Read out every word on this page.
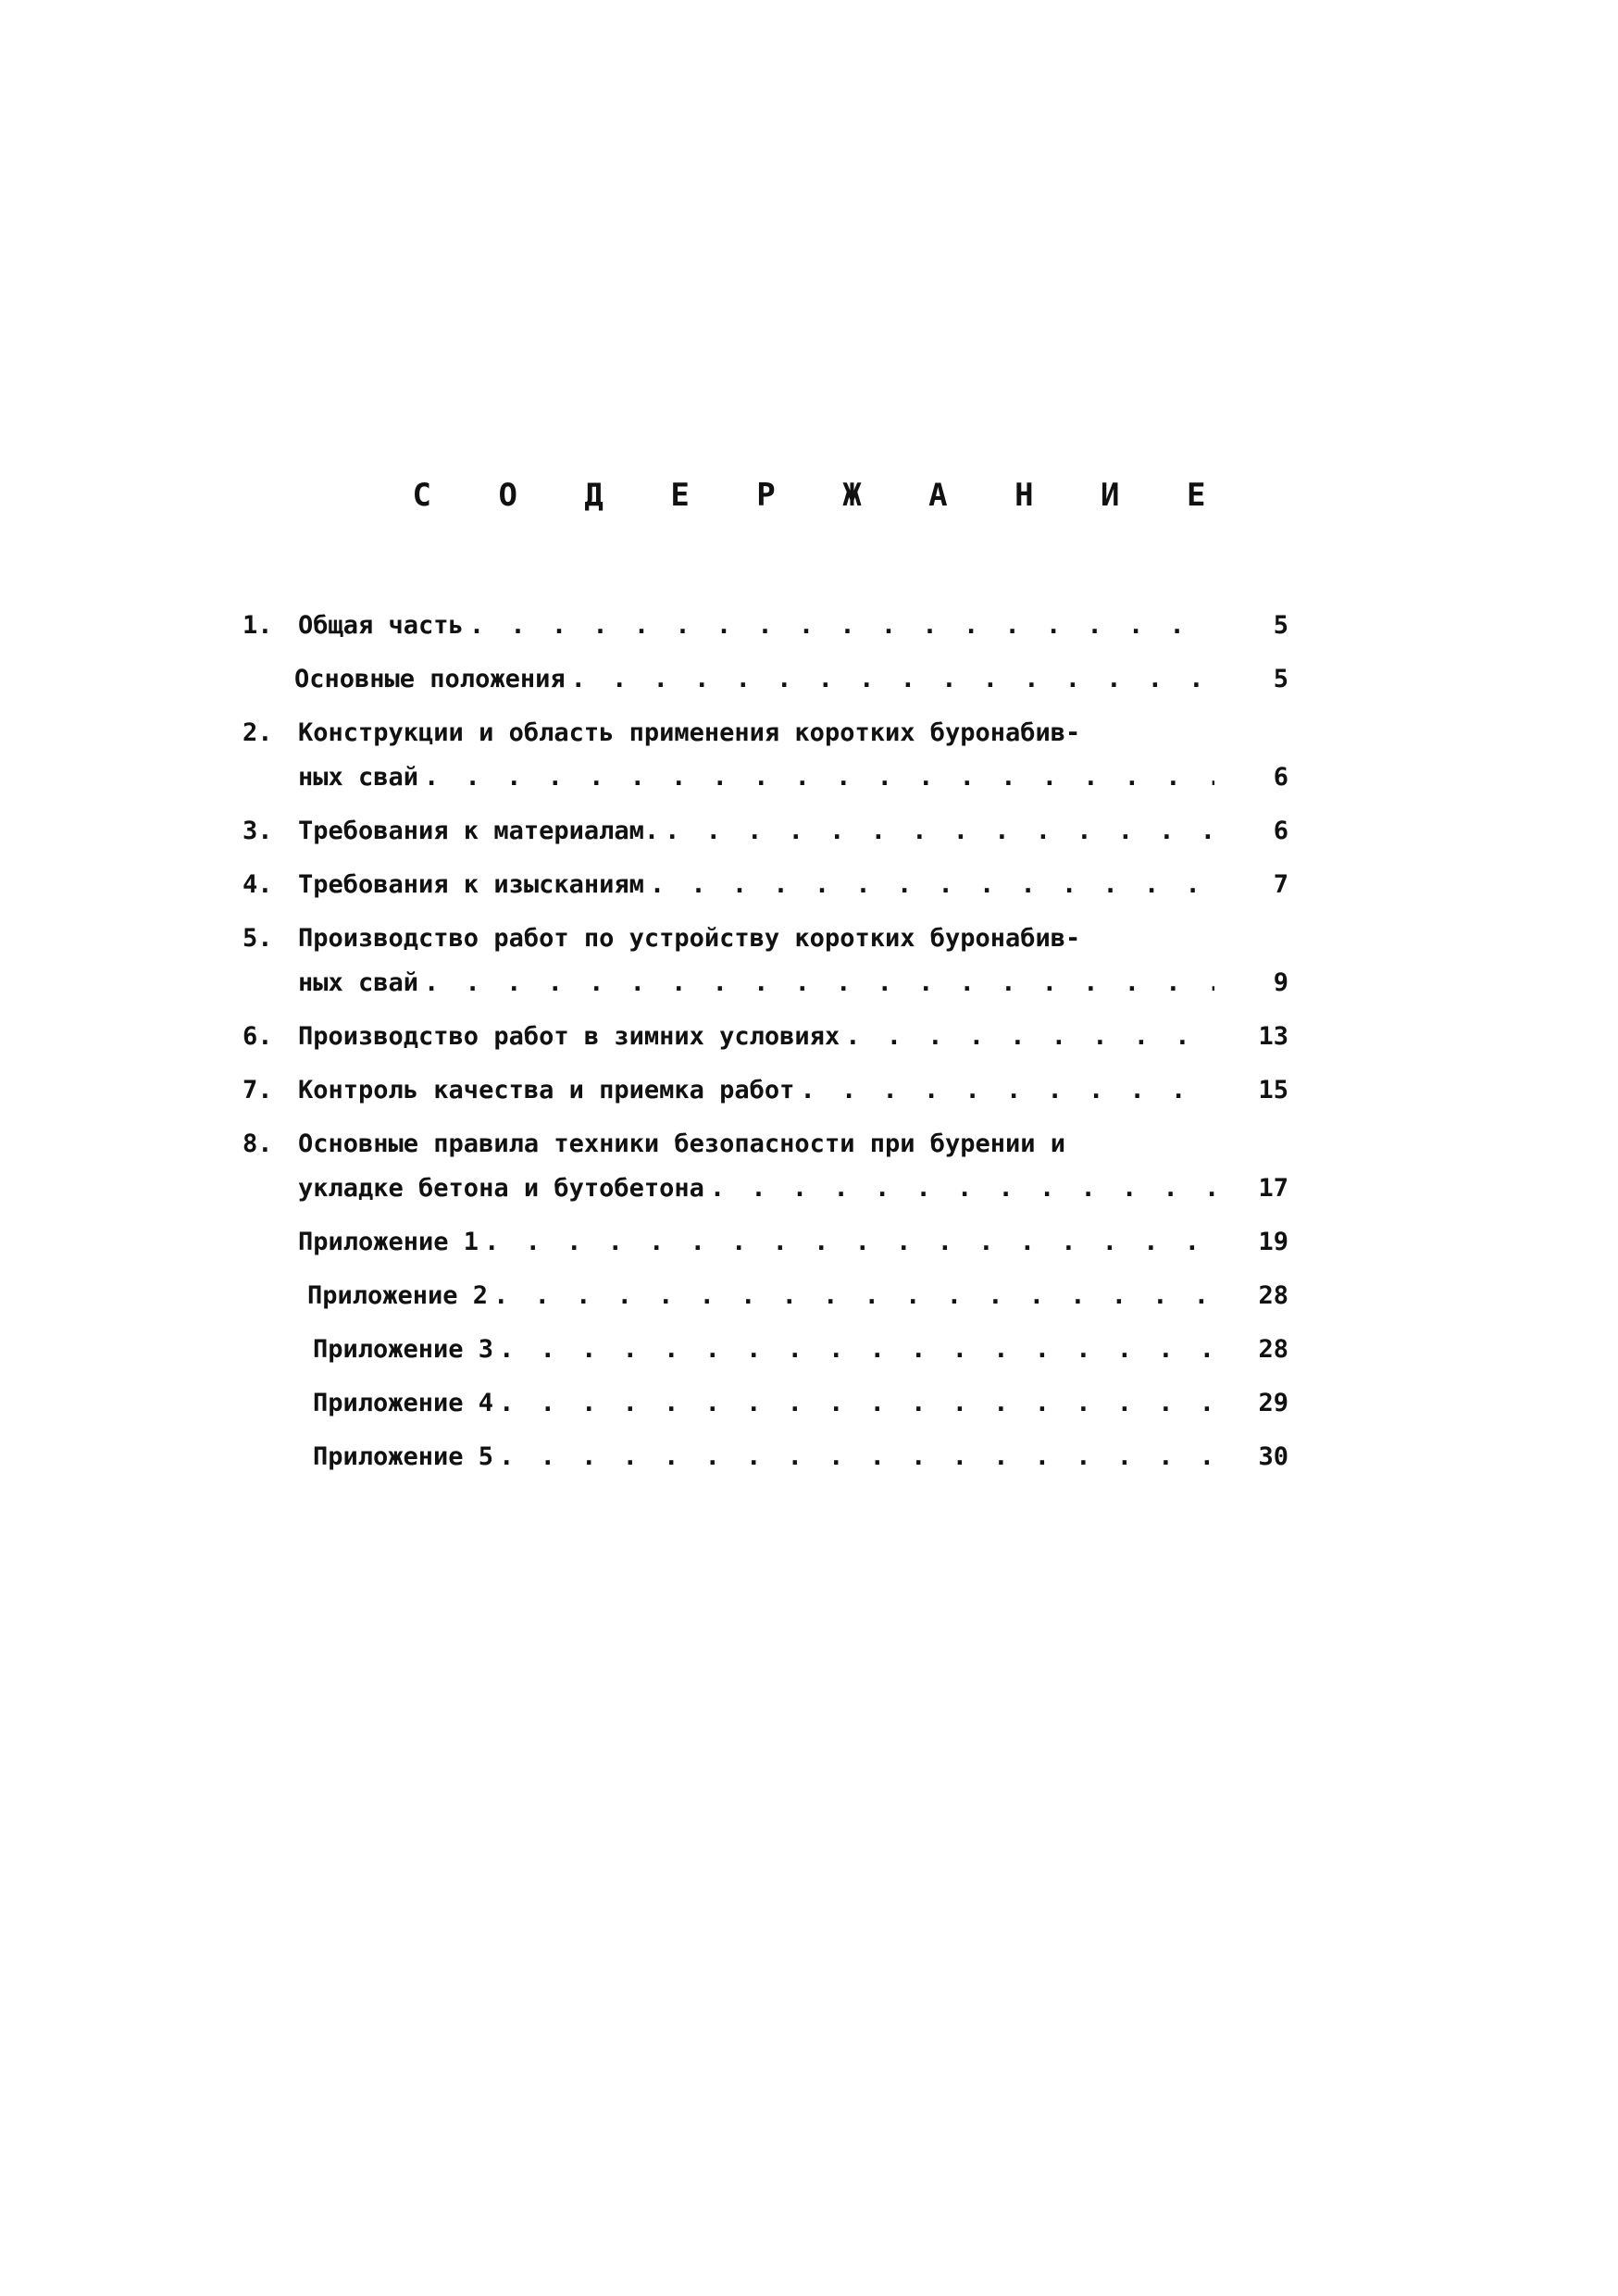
С О Д Е Р Ж А Н И Е
1.	Общая часть . . .	5
Основные положения . . .	5
2.	Конструкции и область применения коротких буронабив-
ных свай . . .	6
3.	Требования к материалам. . . .	6
4.	Требования к изысканиям . . .	7
5.	Производство работ по устройству коротких буронабив-
ных свай . . .	9
6.	Производство работ в зимних условиях . . .	13
7.	Контроль качества и приемка работ . . .	15
8.	Основные правила техники безопасности при бурении и
укладке бетона и бутобетона . . .	17
Приложение 1 . . .	19
Приложение 2 . . .	28
Приложение 3 . . .	28
Приложение 4 . . .	29
Приложение 5 . . .	30
